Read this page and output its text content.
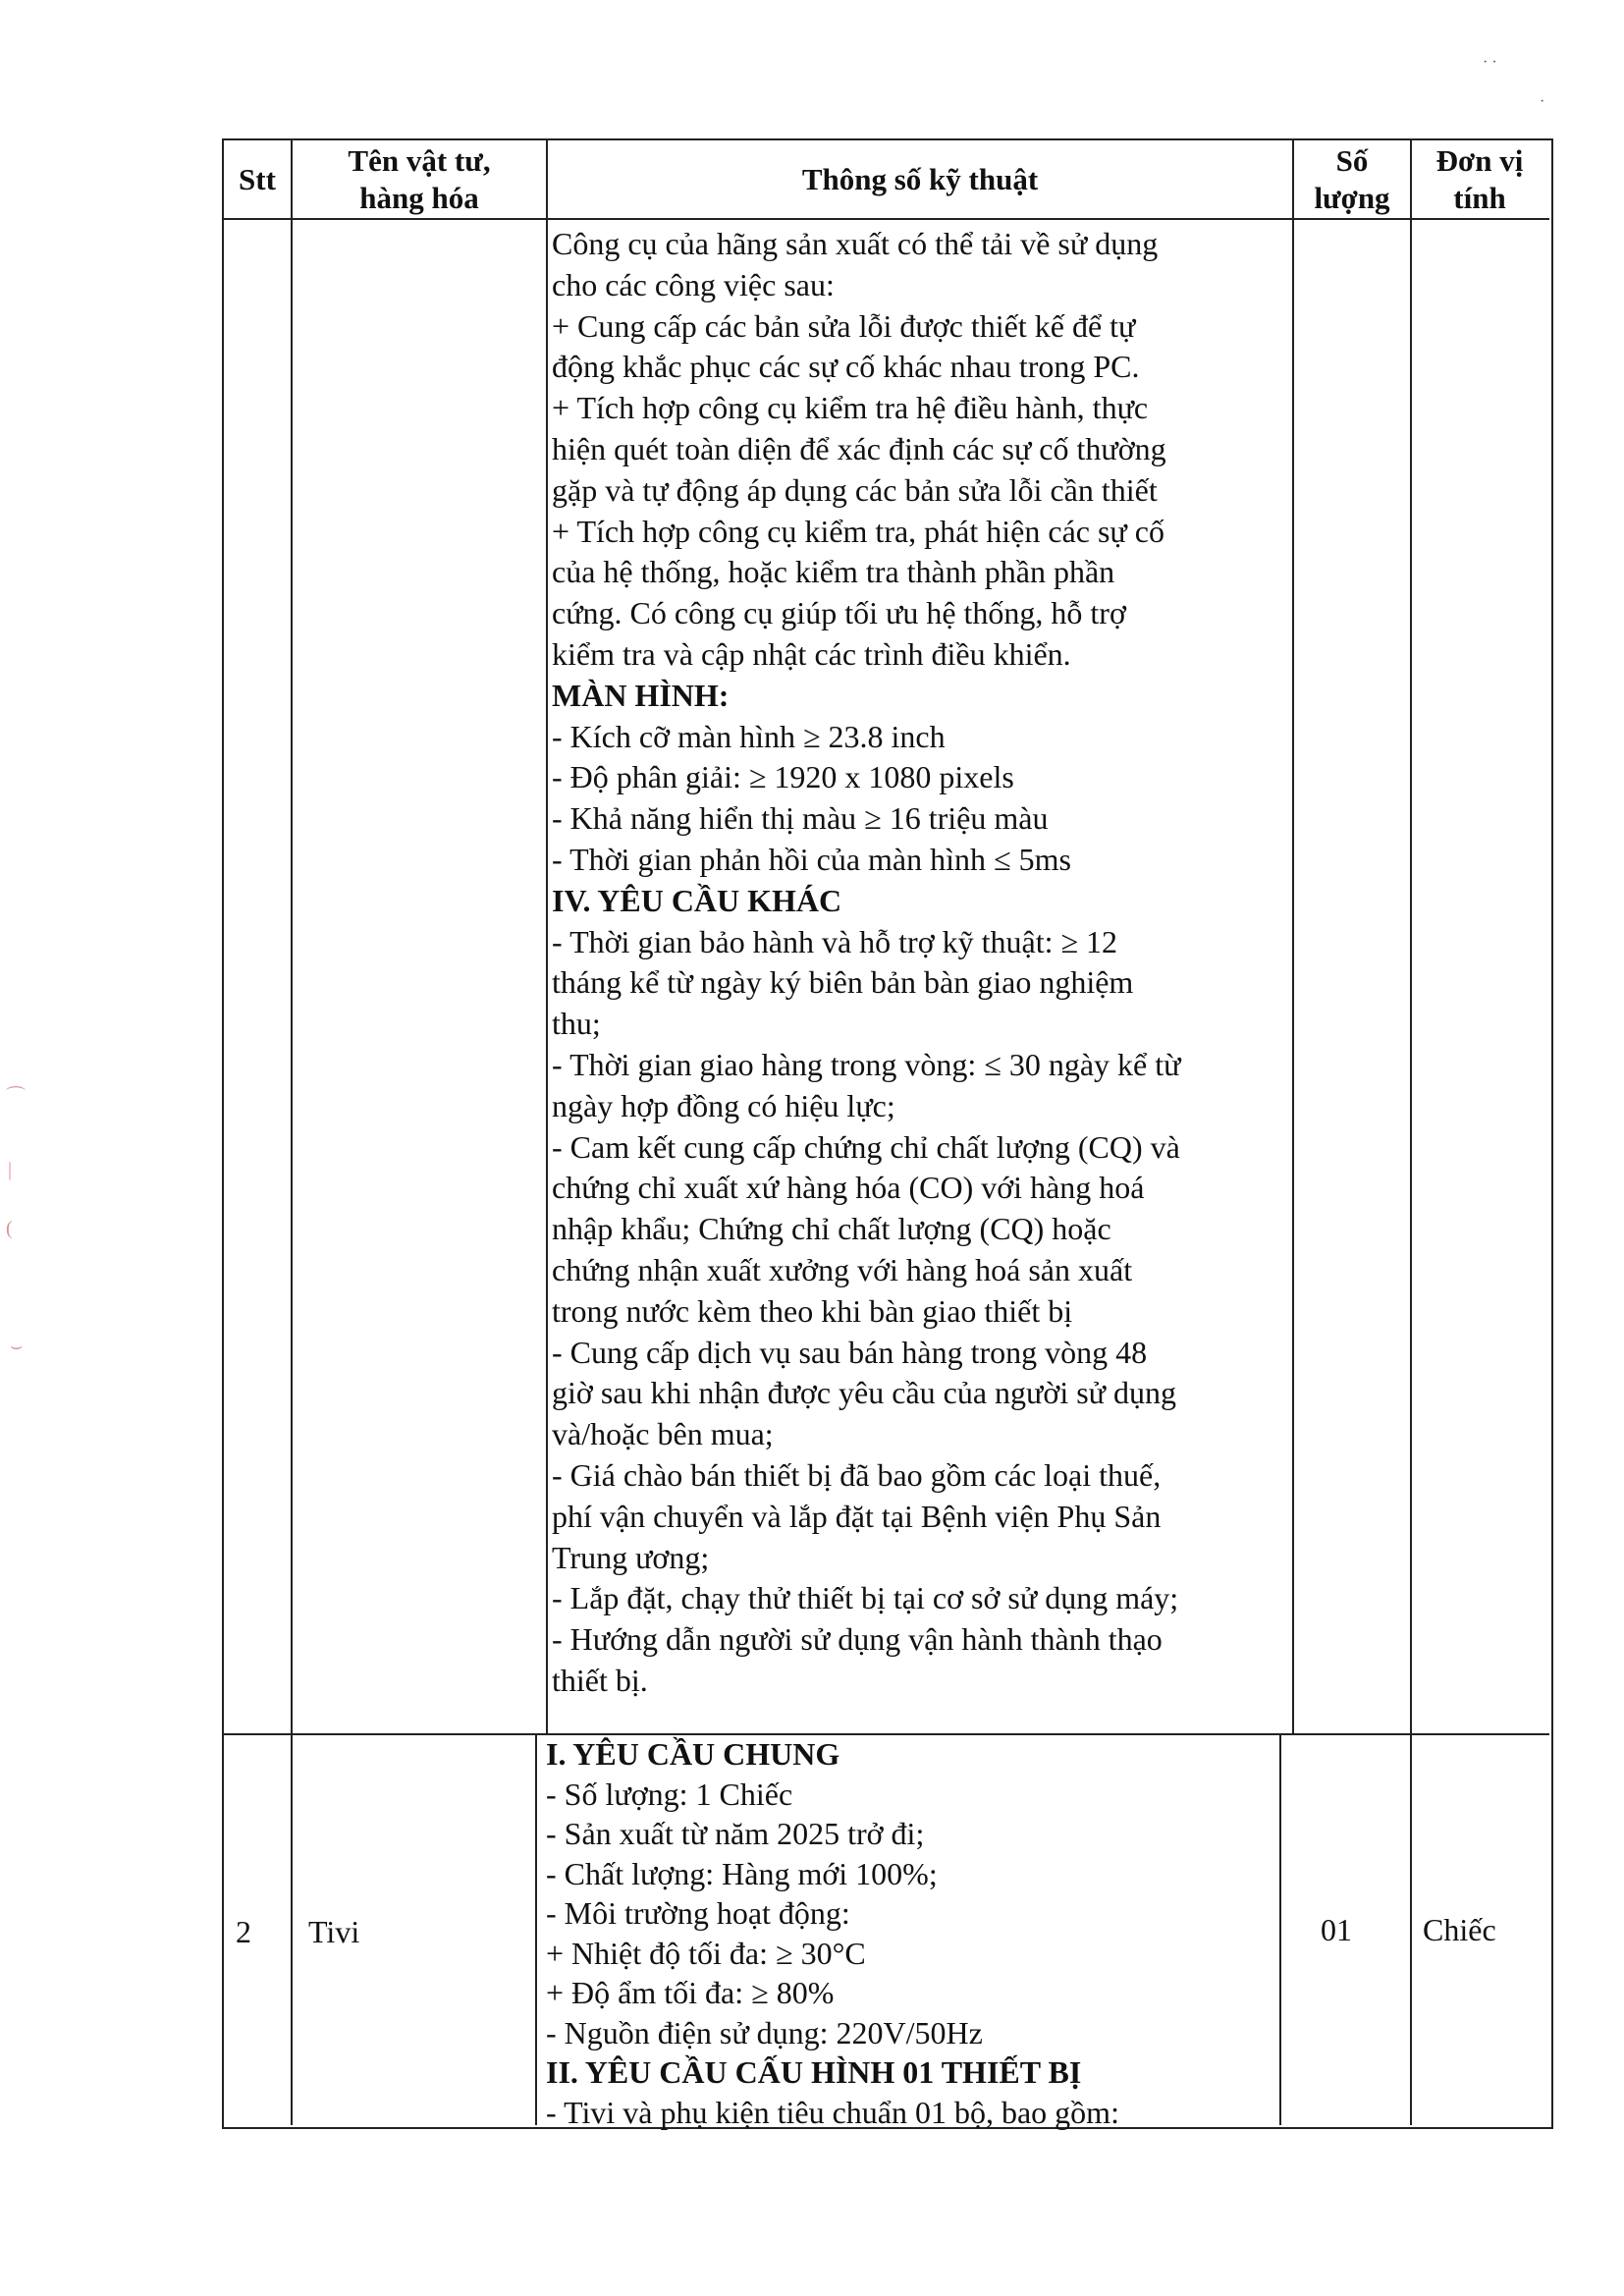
Stt
Tên vật tư,
hàng hóa
Thông số kỹ thuật
Số
lượng
Đơn vị
tính

Công cụ của hãng sản xuất có thể tải về sử dụng

cho các công việc sau:

+ Cung cấp các bản sửa lỗi được thiết kế để tự

động khắc phục các sự cố khác nhau trong PC.

+ Tích hợp công cụ kiểm tra hệ điều hành, thực

hiện quét toàn diện để xác định các sự cố thường

gặp và tự động áp dụng các bản sửa lỗi cần thiết

+ Tích hợp công cụ kiểm tra, phát hiện các sự cố

của hệ thống, hoặc kiểm tra thành phần phần

cứng. Có công cụ giúp tối ưu hệ thống, hỗ trợ

kiểm tra và cập nhật các trình điều khiển.

MÀN HÌNH:

- Kích cỡ màn hình ≥ 23.8 inch

- Độ phân giải: ≥ 1920 x 1080 pixels

- Khả năng hiển thị màu ≥ 16 triệu màu

- Thời gian phản hồi của màn hình ≤ 5ms

IV. YÊU CẦU KHÁC

- Thời gian bảo hành và hỗ trợ kỹ thuật: ≥ 12

tháng kể từ ngày ký biên bản bàn giao nghiệm

thu;

- Thời gian giao hàng trong vòng: ≤ 30 ngày kể từ

ngày hợp đồng có hiệu lực;

- Cam kết cung cấp chứng chỉ chất lượng (CQ) và

chứng chỉ xuất xứ hàng hóa (CO) với hàng hoá

nhập khẩu; Chứng chỉ chất lượng (CQ) hoặc

chứng nhận xuất xưởng với hàng hoá sản xuất

trong nước kèm theo khi bàn giao thiết bị

- Cung cấp dịch vụ sau bán hàng trong vòng 48

giờ sau khi nhận được yêu cầu của người sử dụng

và/hoặc bên mua;

- Giá chào bán thiết bị đã bao gồm các loại thuế,

phí vận chuyển và lắp đặt tại Bệnh viện Phụ Sản

Trung ương;

- Lắp đặt, chạy thử thiết bị tại cơ sở sử dụng máy;

- Hướng dẫn người sử dụng vận hành thành thạo

thiết bị.

2 Tivi

I. YÊU CẦU CHUNG

- Số lượng: 1 Chiếc

- Sản xuất từ năm 2025 trở đi;

- Chất lượng: Hàng mới 100%;

- Môi trường hoạt động:

+ Nhiệt độ tối đa: ≥ 30°C

+ Độ ẩm tối đa: ≥ 80%

- Nguồn điện sử dụng: 220V/50Hz

II. YÊU CẦU CẤU HÌNH 01 THIẾT BỊ

- Tivi và phụ kiện tiêu chuẩn 01 bộ, bao gồm:

01 Chiếc
⌒
|
(
⌣
· ·
·
